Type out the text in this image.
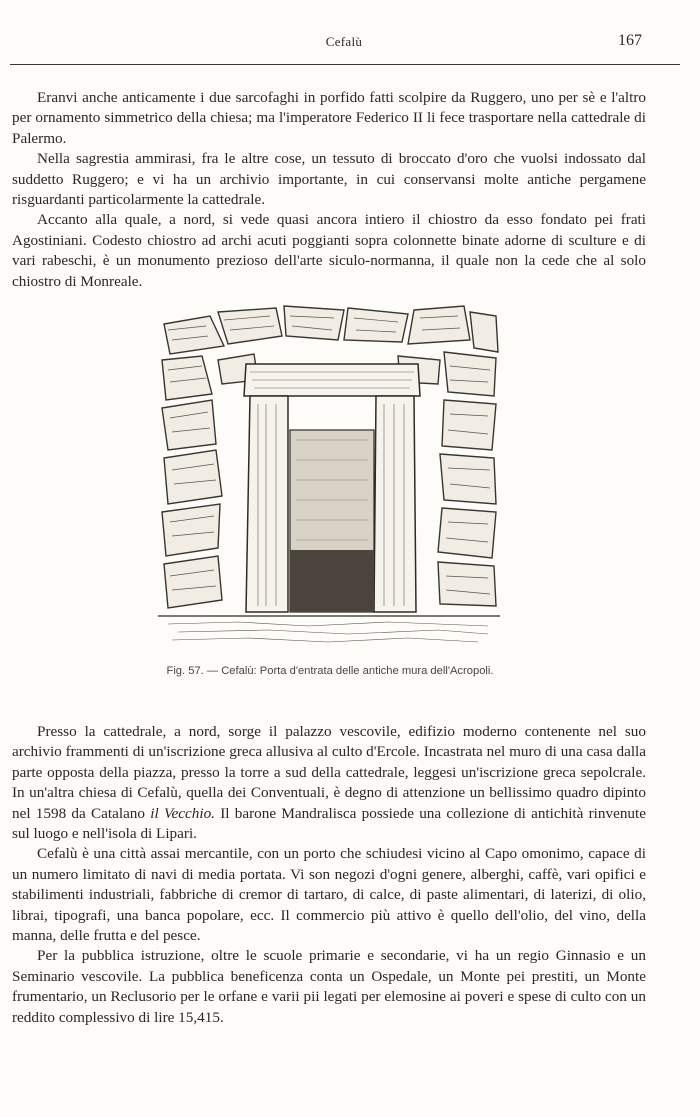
Cefalù	167

Eranvi anche anticamente i due sarcofaghi in porfido fatti scolpire da Ruggero, uno per sè e l'altro per ornamento simmetrico della chiesa; ma l'imperatore Federico II li fece trasportare nella cattedrale di Palermo.

Nella sagrestia ammirasi, fra le altre cose, un tessuto di broccato d'oro che vuolsi indossato dal suddetto Ruggero; e vi ha un archivio importante, in cui conservansi molte antiche pergamene risguardanti particolarmente la cattedrale.

Accanto alla quale, a nord, si vede quasi ancora intiero il chiostro da esso fondato pei frati Agostiniani. Codesto chiostro ad archi acuti poggianti sopra colonnette binate adorne di sculture e di vari rabeschi, è un monumento prezioso dell'arte siculo-normanna, il quale non la cede che al solo chiostro di Monreale.

Fig. 57. — Cefalù: Porta d'entrata delle antiche mura dell'Acropoli.

Presso la cattedrale, a nord, sorge il palazzo vescovile, edifizio moderno contenente nel suo archivio frammenti di un'iscrizione greca allusiva al culto d'Ercole. Incastrata nel muro di una casa dalla parte opposta della piazza, presso la torre a sud della cattedrale, leggesi un'iscrizione greca sepolcrale. In un'altra chiesa di Cefalù, quella dei Conventuali, è degno di attenzione un bellissimo quadro dipinto nel 1598 da Catalano il Vecchio. Il barone Mandralisca possiede una collezione di antichità rinvenute sul luogo e nell'isola di Lipari.

Cefalù è una città assai mercantile, con un porto che schiudesi vicino al Capo omonimo, capace di un numero limitato di navi di media portata. Vi son negozi d'ogni genere, alberghi, caffè, vari opifici e stabilimenti industriali, fabbriche di cremor di tartaro, di calce, di paste alimentari, di laterizi, di olio, librai, tipografi, una banca popolare, ecc. Il commercio più attivo è quello dell'olio, del vino, della manna, delle frutta e del pesce.

Per la pubblica istruzione, oltre le scuole primarie e secondarie, vi ha un regio Ginnasio e un Seminario vescovile. La pubblica beneficenza conta un Ospedale, un Monte pei prestiti, un Monte frumentario, un Reclusorio per le orfane e varii pii legati per elemosine ai poveri e spese di culto con un reddito complessivo di lire 15,415.
